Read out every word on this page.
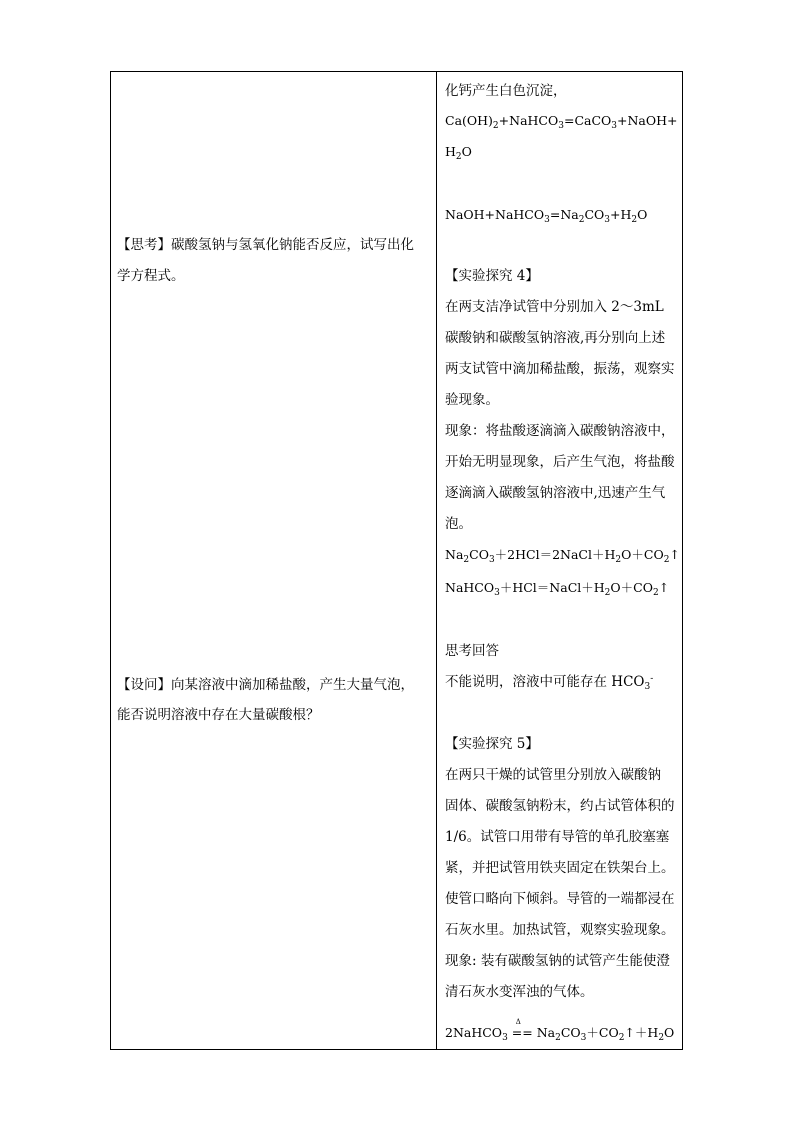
【思考】碳酸氢钠与氢氧化钠能否反应，试写出化
学方程式。
【设问】向某溶液中滴加稀盐酸，产生大量气泡，
能否说明溶液中存在大量碳酸根？
化钙产生白色沉淀，
$Ca(OH)_2+NaHCO_3=CaCO_3+NaOH+$
$H_2O$
$NaOH+NaHCO_3=Na_2CO_3+H_2O$
【实验探究 4】
在两支洁净试管中分别加入 2～3mL
碳酸钠和碳酸氢钠溶液,再分别向上述
两支试管中滴加稀盐酸，振荡，观察实
验现象。
现象：将盐酸逐滴滴入碳酸钠溶液中，
开始无明显现象，后产生气泡，将盐酸
逐滴滴入碳酸氢钠溶液中,迅速产生气
泡。
$Na_2CO_3+2HCl=2NaCl+H_2O+CO_2↑$
$NaHCO_3+HCl=NaCl+H_2O+CO_2↑$
思考回答
不能说明，溶液中可能存在 $HCO_3^-$
【实验探究 5】
在两只干燥的试管里分别放入碳酸钠
固体、碳酸氢钠粉末，约占试管体积的
1/6。试管口用带有导管的单孔胶塞塞
紧，并把试管用铁夹固定在铁架台上。
使管口略向下倾斜。导管的一端都浸在
石灰水里。加热试管，观察实验现象。
现象: 装有碳酸氢钠的试管产生能使澄
清石灰水变浑浊的气体。
2NaHCO$_3$
Δ
== $Na_2CO_3+CO_2↑+H_2O$
